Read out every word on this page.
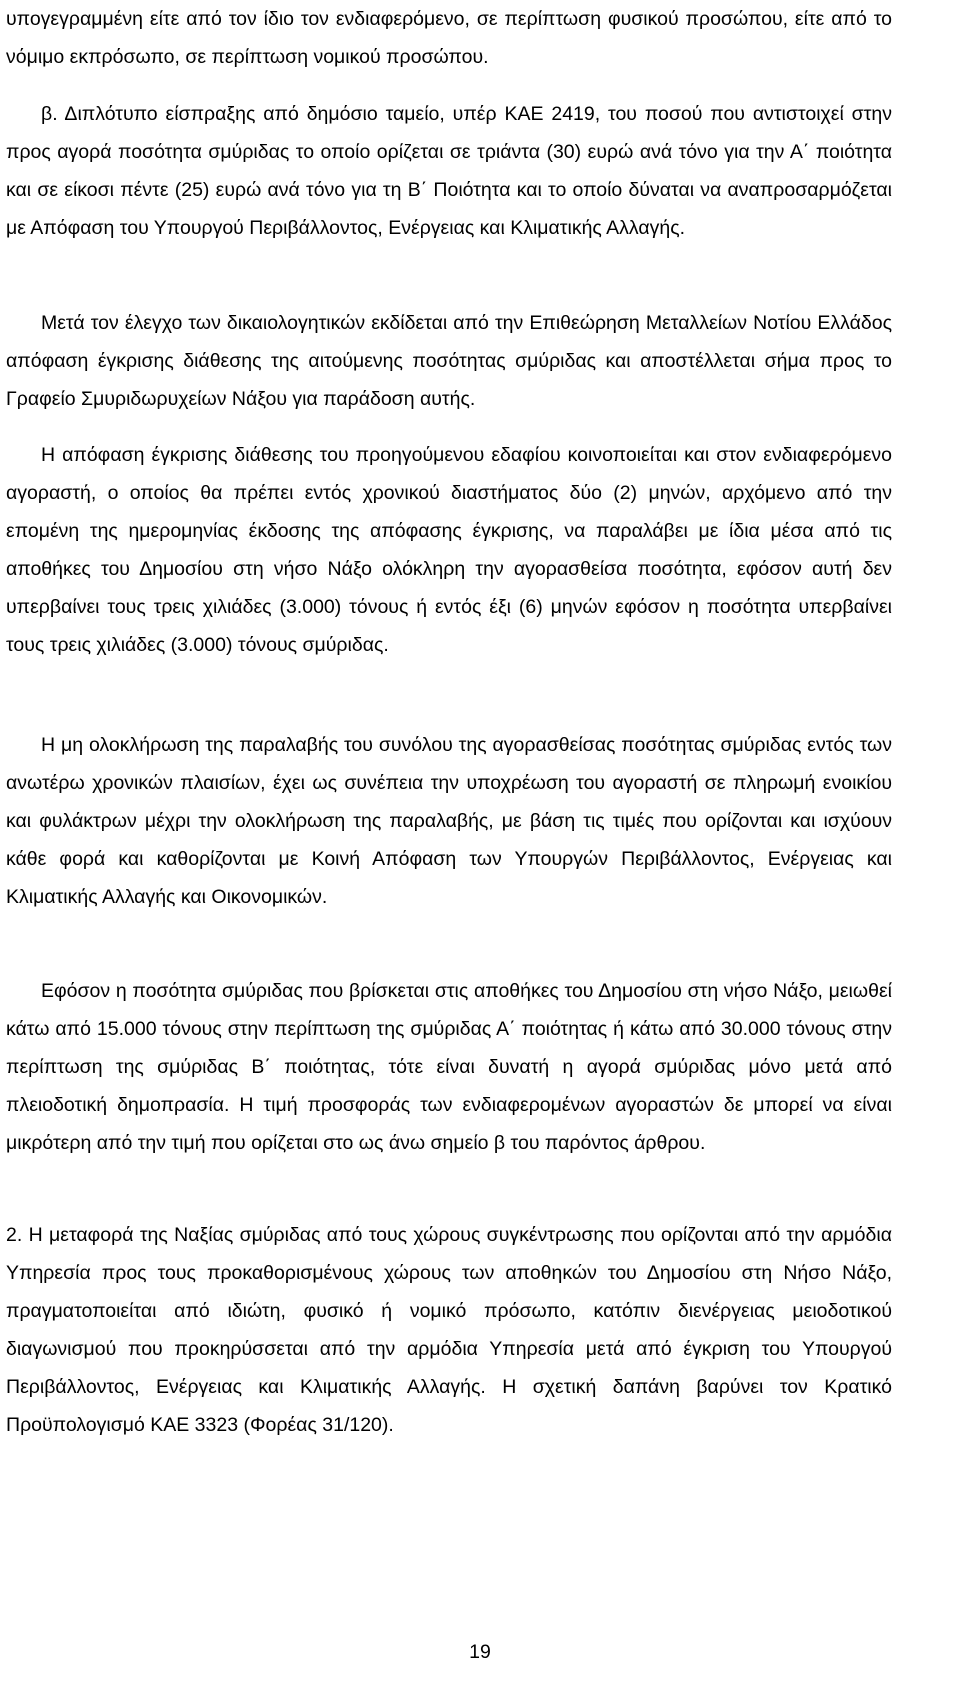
υπογεγραμμένη είτε από τον ίδιο τον ενδιαφερόμενο, σε περίπτωση φυσικού προσώπου, είτε από το νόμιμο εκπρόσωπο, σε περίπτωση νομικού προσώπου.

β. Διπλότυπο είσπραξης από δημόσιο ταμείο, υπέρ ΚΑΕ 2419, του ποσού που αντιστοιχεί στην προς αγορά ποσότητα σμύριδας το οποίο ορίζεται σε τριάντα (30) ευρώ ανά τόνο για την Α΄ ποιότητα και σε είκοσι πέντε (25) ευρώ ανά τόνο για τη Β΄ Ποιότητα και το οποίο δύναται να αναπροσαρμόζεται με Απόφαση του Υπουργού Περιβάλλοντος, Ενέργειας και Κλιματικής Αλλαγής.

Μετά τον έλεγχο των δικαιολογητικών εκδίδεται από την Επιθεώρηση Μεταλλείων Νοτίου Ελλάδος απόφαση έγκρισης διάθεσης της αιτούμενης ποσότητας σμύριδας και αποστέλλεται σήμα προς το Γραφείο Σμυριδωρυχείων Νάξου για παράδοση αυτής.

Η απόφαση έγκρισης διάθεσης του προηγούμενου εδαφίου κοινοποιείται και στον ενδιαφερόμενο αγοραστή, ο οποίος θα πρέπει εντός χρονικού διαστήματος δύο (2) μηνών, αρχόμενο από την επομένη της ημερομηνίας έκδοσης της απόφασης έγκρισης, να παραλάβει με ίδια μέσα από τις αποθήκες του Δημοσίου στη νήσο Νάξο ολόκληρη την αγορασθείσα ποσότητα, εφόσον αυτή δεν υπερβαίνει τους τρεις χιλιάδες (3.000) τόνους ή εντός έξι (6) μηνών εφόσον η ποσότητα υπερβαίνει τους τρεις χιλιάδες (3.000) τόνους σμύριδας.

Η μη ολοκλήρωση της παραλαβής του συνόλου της αγορασθείσας ποσότητας σμύριδας εντός των ανωτέρω χρονικών πλαισίων, έχει ως συνέπεια την υποχρέωση του αγοραστή σε πληρωμή ενοικίου και φυλάκτρων μέχρι την ολοκλήρωση της παραλαβής, με βάση τις τιμές που ορίζονται και ισχύουν κάθε φορά και καθορίζονται με Κοινή Απόφαση των Υπουργών Περιβάλλοντος, Ενέργειας και Κλιματικής Αλλαγής και Οικονομικών.

Εφόσον η ποσότητα σμύριδας που βρίσκεται στις αποθήκες του Δημοσίου στη νήσο Νάξο, μειωθεί κάτω από 15.000 τόνους στην περίπτωση της σμύριδας Α΄ ποιότητας ή κάτω από 30.000 τόνους στην περίπτωση της σμύριδας Β΄ ποιότητας, τότε είναι δυνατή η αγορά σμύριδας μόνο μετά από πλειοδοτική δημοπρασία. Η τιμή προσφοράς των ενδιαφερομένων αγοραστών δε μπορεί να είναι μικρότερη από την τιμή που ορίζεται στο ως άνω σημείο β του παρόντος άρθρου.

2. Η μεταφορά της Ναξίας σμύριδας από τους χώρους συγκέντρωσης που ορίζονται από την αρμόδια Υπηρεσία προς τους προκαθορισμένους χώρους των αποθηκών του Δημοσίου στη Νήσο Νάξο, πραγματοποιείται από ιδιώτη, φυσικό ή νομικό πρόσωπο, κατόπιν διενέργειας μειοδοτικού διαγωνισμού που προκηρύσσεται από την αρμόδια Υπηρεσία μετά από έγκριση του Υπουργού Περιβάλλοντος, Ενέργειας και Κλιματικής Αλλαγής. Η σχετική δαπάνη βαρύνει τον Κρατικό Προϋπολογισμό ΚΑΕ 3323 (Φορέας 31/120).

19
